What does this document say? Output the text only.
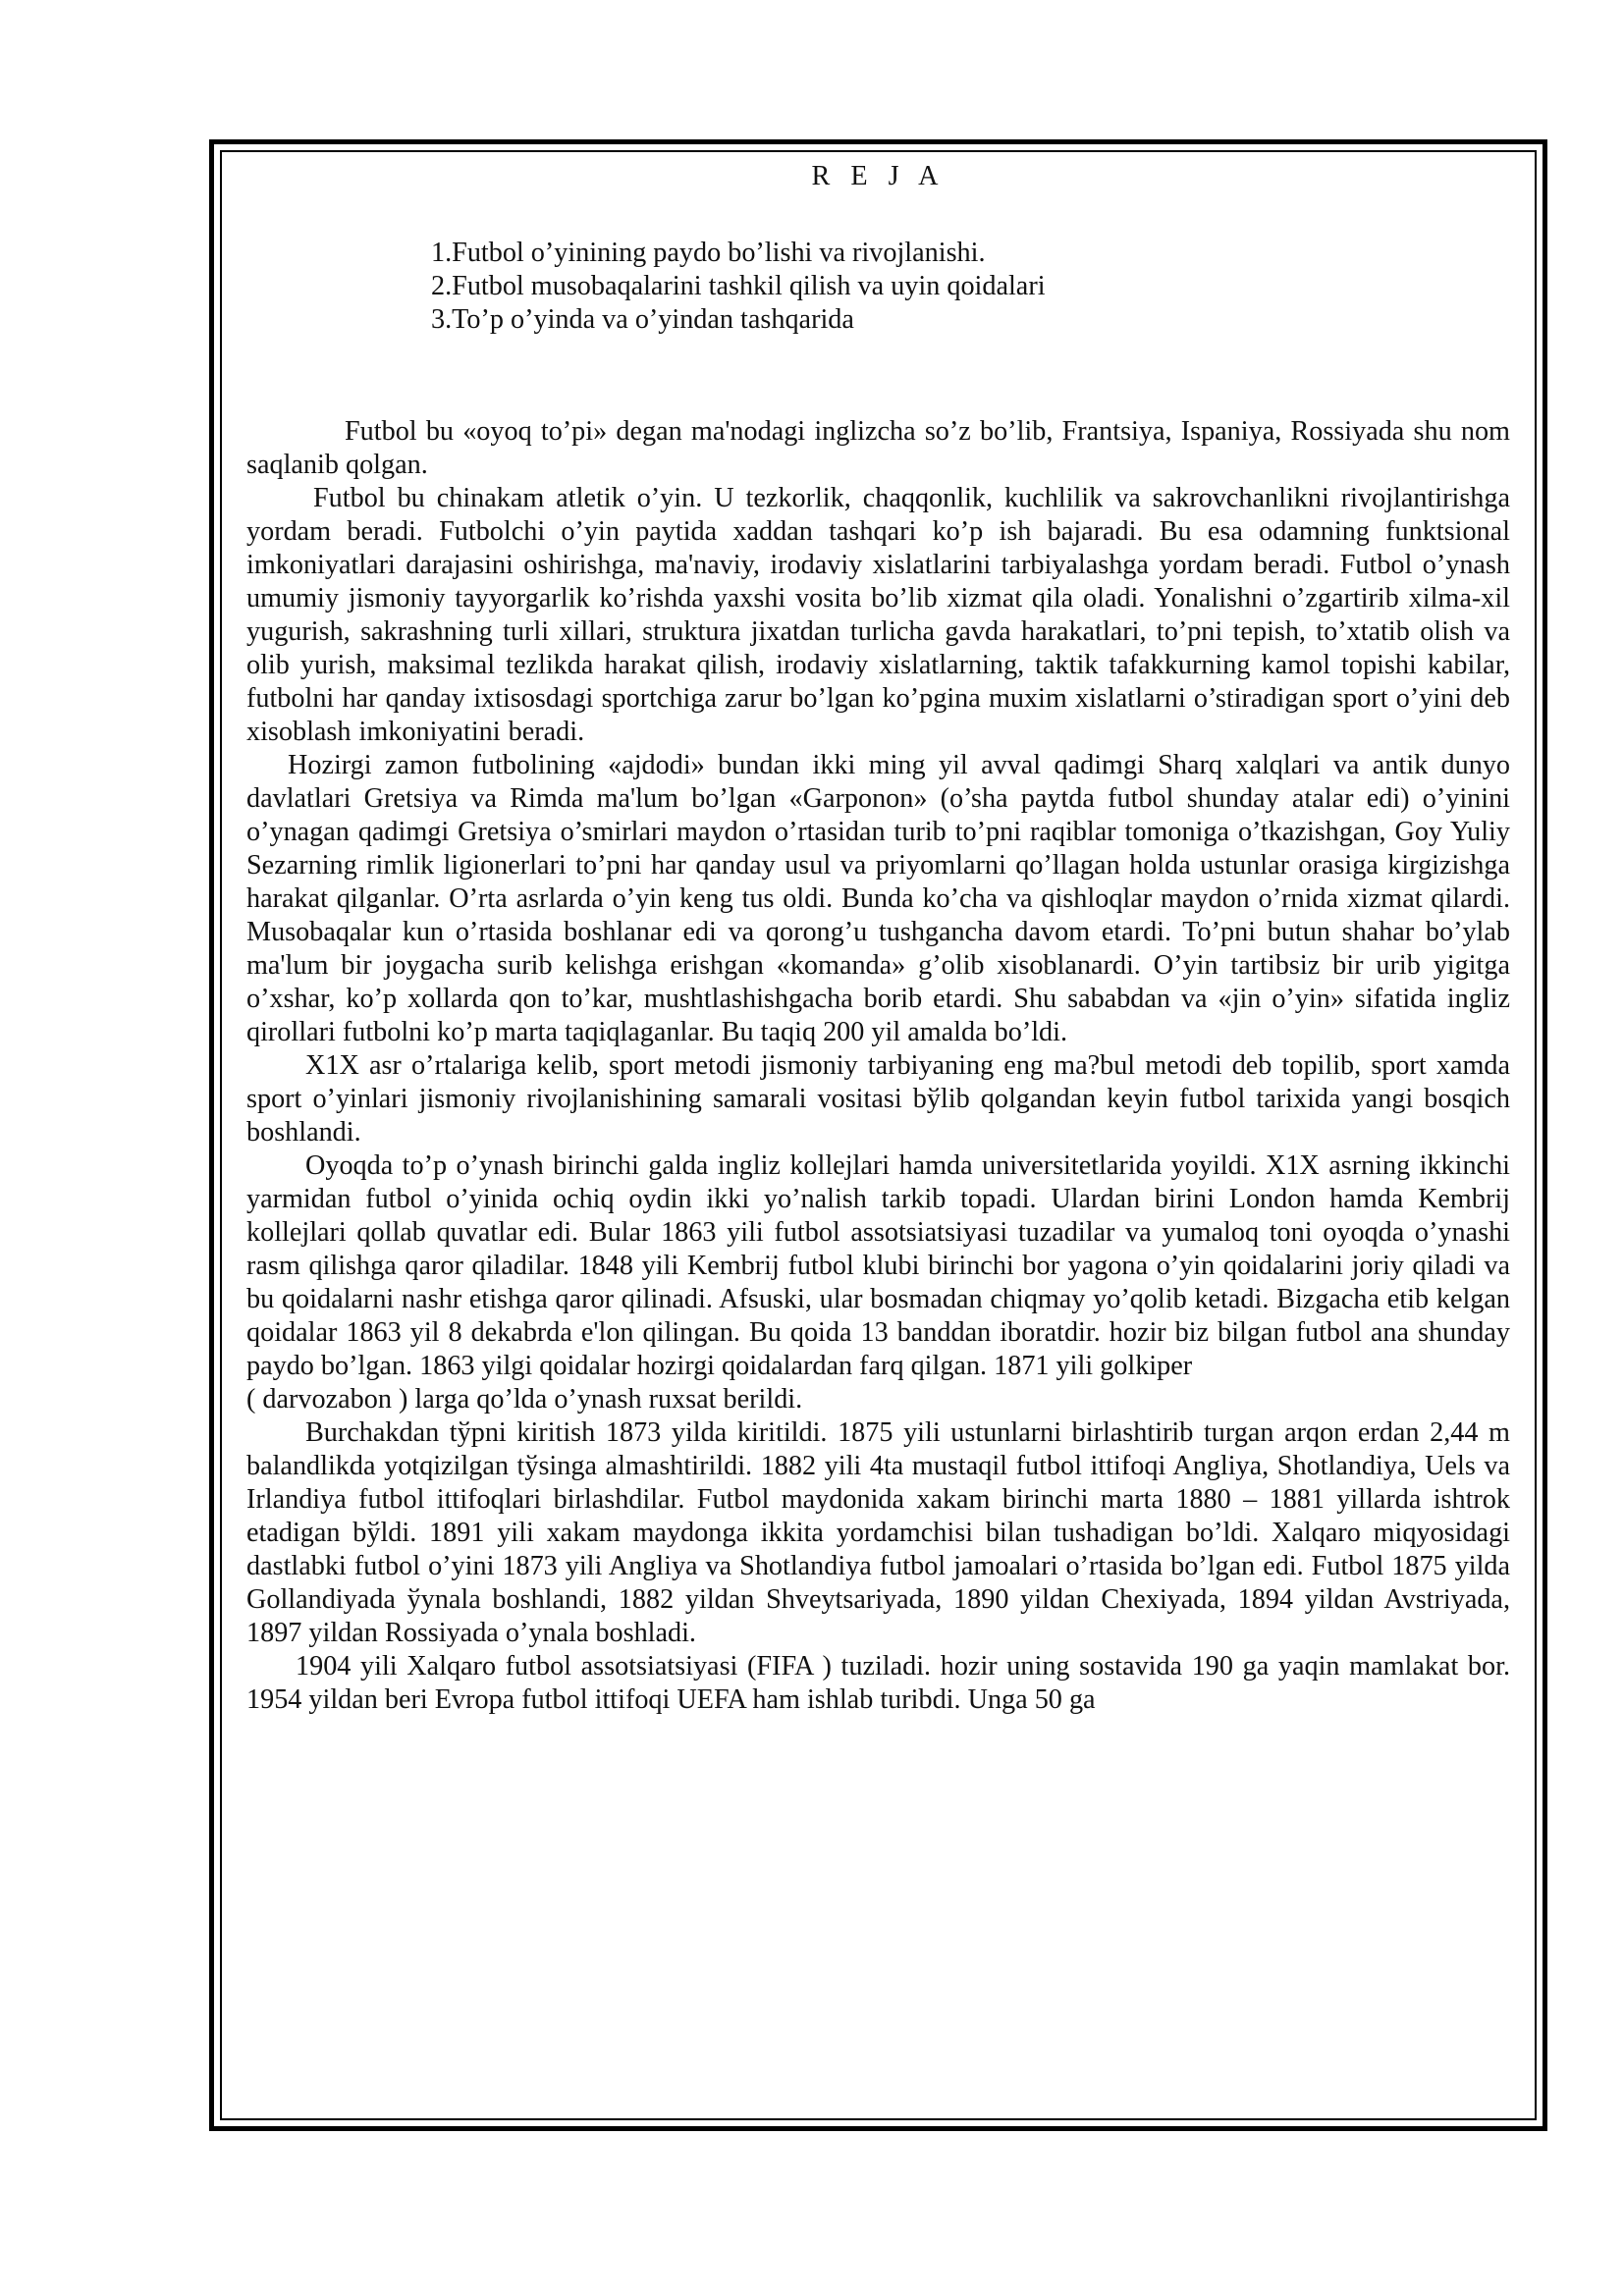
R E J A
1.Futbol o’yinining paydo bo’lishi va rivojlanishi.
2.Futbol musobaqalarini tashkil qilish va uyin qoidalari
3.To’p o’yinda va o’yindan tashqarida

Futbol bu «oyoq to’pi» degan ma'nodagi inglizcha so’z bo’lib, Frantsiya, Ispaniya, Rossiyada shu nom saqlanib qolgan.

Futbol bu chinakam atletik o’yin. U tezkorlik, chaqqonlik, kuchlilik va sakrovchanlikni rivojlantirishga yordam beradi. Futbolchi o’yin paytida xaddan tashqari ko’p ish bajaradi. Bu esa odamning funktsional imkoniyatlari darajasini oshirishga, ma'naviy, irodaviy xislatlarini tarbiyalashga yordam beradi. Futbol o’ynash umumiy jismoniy tayyorgarlik ko’rishda yaxshi vosita bo’lib xizmat qila oladi. Yonalishni o’zgartirib xilma-xil yugurish, sakrashning turli xillari, struktura jixatdan turlicha gavda harakatlari, to’pni tepish, to’xtatib olish va olib yurish, maksimal tezlikda harakat qilish, irodaviy xislatlarning, taktik tafakkurning kamol topishi kabilar, futbolni har qanday ixtisosdagi sportchiga zarur bo’lgan ko’pgina muxim xislatlarni o’stiradigan sport o’yini deb xisoblash imkoniyatini beradi.

Hozirgi zamon futbolining «ajdodi» bundan ikki ming yil avval qadimgi Sharq xalqlari va antik dunyo davlatlari Gretsiya va Rimda ma'lum bo’lgan «Garponon» (o’sha paytda futbol shunday atalar edi) o’yinini o’ynagan qadimgi Gretsiya o’smirlari maydon o’rtasidan turib to’pni raqiblar tomoniga o’tkazishgan, Goy Yuliy Sezarning rimlik ligionerlari to’pni har qanday usul va priyomlarni qo’llagan holda ustunlar orasiga kirgizishga harakat qilganlar. O’rta asrlarda o’yin keng tus oldi. Bunda ko’cha va qishloqlar maydon o’rnida xizmat qilardi. Musobaqalar kun o’rtasida boshlanar edi va qorong’u tushgancha davom etardi. To’pni butun shahar bo’ylab ma'lum bir joygacha surib kelishga erishgan «komanda» g’olib xisoblanardi. O’yin tartibsiz bir urib yigitga o’xshar, ko’p xollarda qon to’kar, mushtlashishgacha borib etardi. Shu sababdan va «jin o’yin» sifatida ingliz qirollari futbolni ko’p marta taqiqlaganlar. Bu taqiq 200 yil amalda bo’ldi.

X1X asr o’rtalariga kelib, sport metodi jismoniy tarbiyaning eng ma?bul metodi deb topilib, sport xamda sport o’yinlari jismoniy rivojlanishining samarali vositasi bўlib qolgandan keyin futbol tarixida yangi bosqich boshlandi.

Oyoqda to’p o’ynash birinchi galda ingliz kollejlari hamda universitetlarida yoyildi. X1X asrning ikkinchi yarmidan futbol o’yinida ochiq oydin ikki yo’nalish tarkib topadi. Ulardan birini London hamda Kembrij kollejlari qollab quvatlar edi. Bular 1863 yili futbol assotsiatsiyasi tuzadilar va yumaloq toni oyoqda o’ynashi rasm qilishga qaror qiladilar. 1848 yili Kembrij futbol klubi birinchi bor yagona o’yin qoidalarini joriy qiladi va bu qoidalarni nashr etishga qaror qilinadi. Afsuski, ular bosmadan chiqmay yo’qolib ketadi. Bizgacha etib kelgan qoidalar 1863 yil 8 dekabrda e'lon qilingan. Bu qoida 13 banddan iboratdir. hozir biz bilgan futbol ana shunday paydo bo’lgan. 1863 yilgi qoidalar hozirgi qoidalardan farq qilgan. 1871 yili golkiper

( darvozabon ) larga qo’lda o’ynash ruxsat berildi.

Burchakdan tўpni kiritish 1873 yilda kiritildi. 1875 yili ustunlarni birlashtirib turgan arqon erdan 2,44 m balandlikda yotqizilgan tўsinga almashtirildi. 1882 yili 4ta mustaqil futbol ittifoqi Angliya, Shotlandiya, Uels va Irlandiya futbol ittifoqlari birlashdilar. Futbol maydonida xakam birinchi marta 1880 – 1881 yillarda ishtrok etadigan bўldi. 1891 yili xakam maydonga ikkita yordamchisi bilan tushadigan bo’ldi. Xalqaro miqyosidagi dastlabki futbol o’yini 1873 yili Angliya va Shotlandiya futbol jamoalari o’rtasida bo’lgan edi. Futbol 1875 yilda Gollandiyada ўynala boshlandi, 1882 yildan Shveytsariyada, 1890 yildan Chexiyada, 1894 yildan Avstriyada, 1897 yildan Rossiyada o’ynala boshladi.

1904 yili Xalqaro futbol assotsiatsiyasi (FIFA ) tuziladi. hozir uning sostavida 190 ga yaqin mamlakat bor. 1954 yildan beri Evropa futbol ittifoqi UEFA ham ishlab turibdi. Unga 50 ga
